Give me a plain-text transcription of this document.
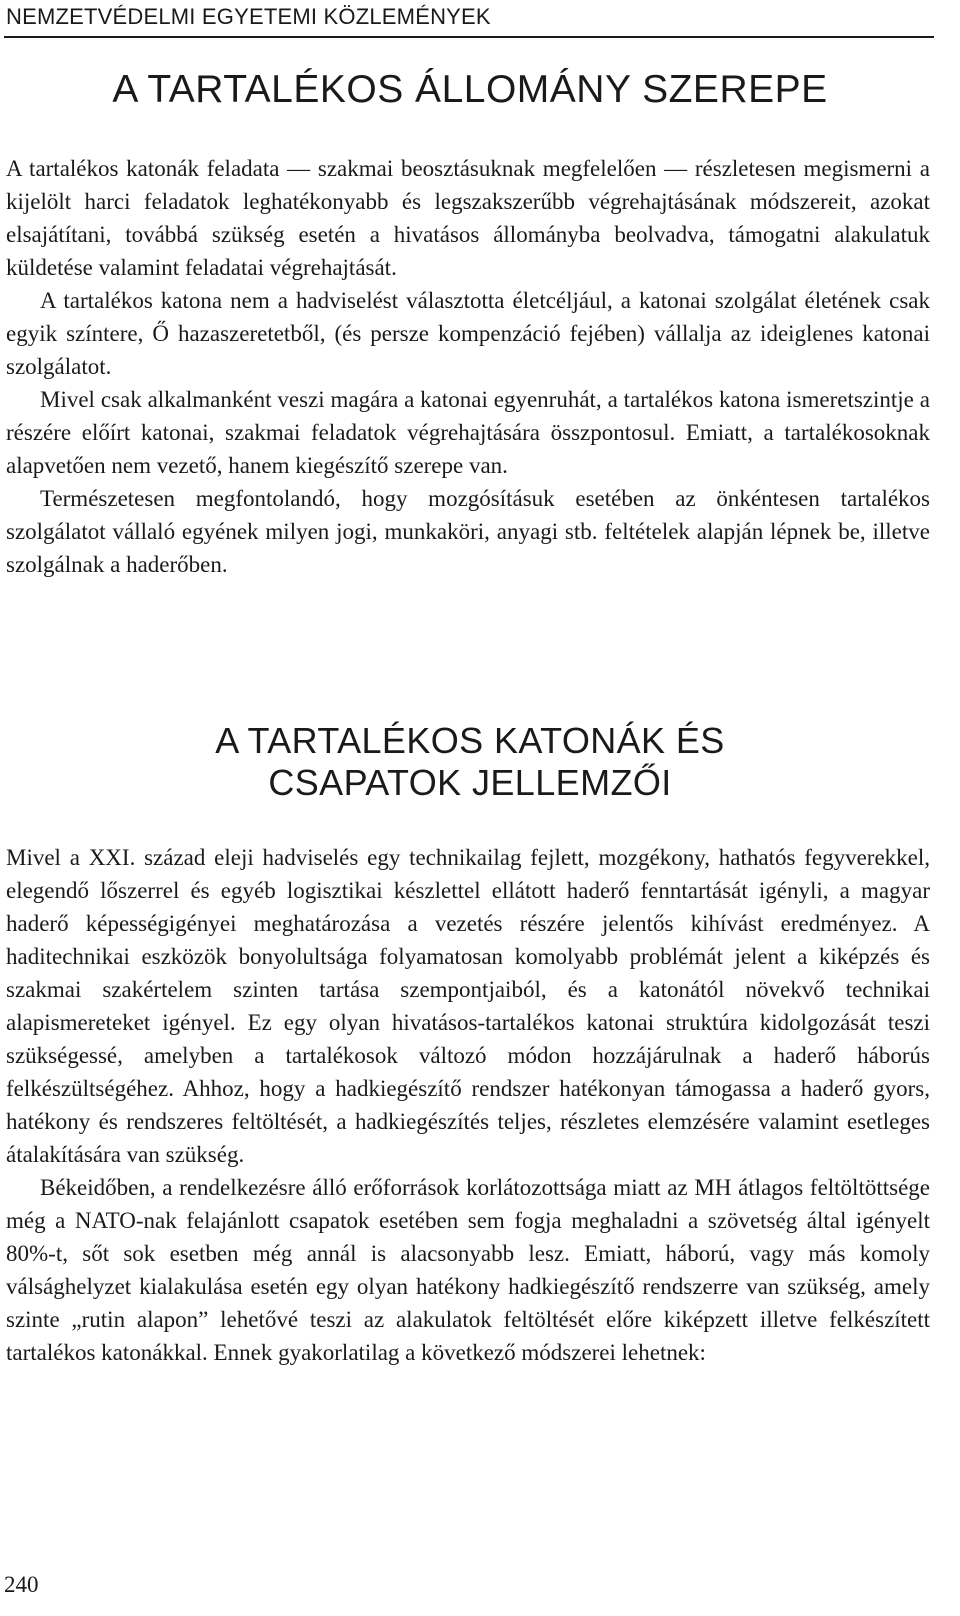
NEMZETVÉDELMI EGYETEMI KÖZLEMÉNYEK
A TARTALÉKOS ÁLLOMÁNY SZEREPE

A tartalékos katonák feladata — szakmai beosztásuknak megfelelően — részletesen megismerni a kijelölt harci feladatok leghatékonyabb és legszakszerűbb végrehajtásának módszereit, azokat elsajátítani, továbbá szükség esetén a hivatásos állományba beolvadva, támogatni alakulatuk küldetése valamint feladatai végrehajtását.

A tartalékos katona nem a hadviselést választotta életcéljául, a katonai szolgálat életének csak egyik színtere, Ő hazaszeretetből, (és persze kompenzáció fejében) vállalja az ideiglenes katonai szolgálatot.

Mivel csak alkalmanként veszi magára a katonai egyenruhát, a tartalékos katona ismeretszintje a részére előírt katonai, szakmai feladatok végrehajtására összpontosul. Emiatt, a tartalékosoknak alapvetően nem vezető, hanem kiegészítő szerepe van.

Természetesen megfontolandó, hogy mozgósításuk esetében az önkéntesen tartalékos szolgálatot vállaló egyének milyen jogi, munkaköri, anyagi stb. feltételek alapján lépnek be, illetve szolgálnak a haderőben.

A TARTALÉKOS KATONÁK ÉS
CSAPATOK JELLEMZŐI

Mivel a XXI. század eleji hadviselés egy technikailag fejlett, mozgékony, hathatós fegyverekkel, elegendő lőszerrel és egyéb logisztikai készlettel ellátott haderő fenntartását igényli, a magyar haderő képességigényei meghatározása a vezetés részére jelentős kihívást eredményez. A haditechnikai eszközök bonyolultsága folyamatosan komolyabb problémát jelent a kiképzés és szakmai szakértelem szinten tartása szempontjaiból, és a katonától növekvő technikai alapismereteket igényel. Ez egy olyan hivatásos-tartalékos katonai struktúra kidolgozását teszi szükségessé, amelyben a tartalékosok változó módon hozzájárulnak a haderő háborús felkészültségéhez. Ahhoz, hogy a hadkiegészítő rendszer hatékonyan támogassa a haderő gyors, hatékony és rendszeres feltöltését, a hadkiegészítés teljes, részletes elemzésére valamint esetleges átalakítására van szükség.

Békeidőben, a rendelkezésre álló erőforrások korlátozottsága miatt az MH átlagos feltöltöttsége még a NATO-nak felajánlott csapatok esetében sem fogja meghaladni a szövetség által igényelt 80%-t, sőt sok esetben még annál is alacsonyabb lesz. Emiatt, háború, vagy más komoly válsághelyzet kialakulása esetén egy olyan hatékony hadkiegészítő rendszerre van szükség, amely szinte „rutin alapon” lehetővé teszi az alakulatok feltöltését előre kiképzett illetve felkészített tartalékos katonákkal. Ennek gyakorlatilag a következő módszerei lehetnek:

240
